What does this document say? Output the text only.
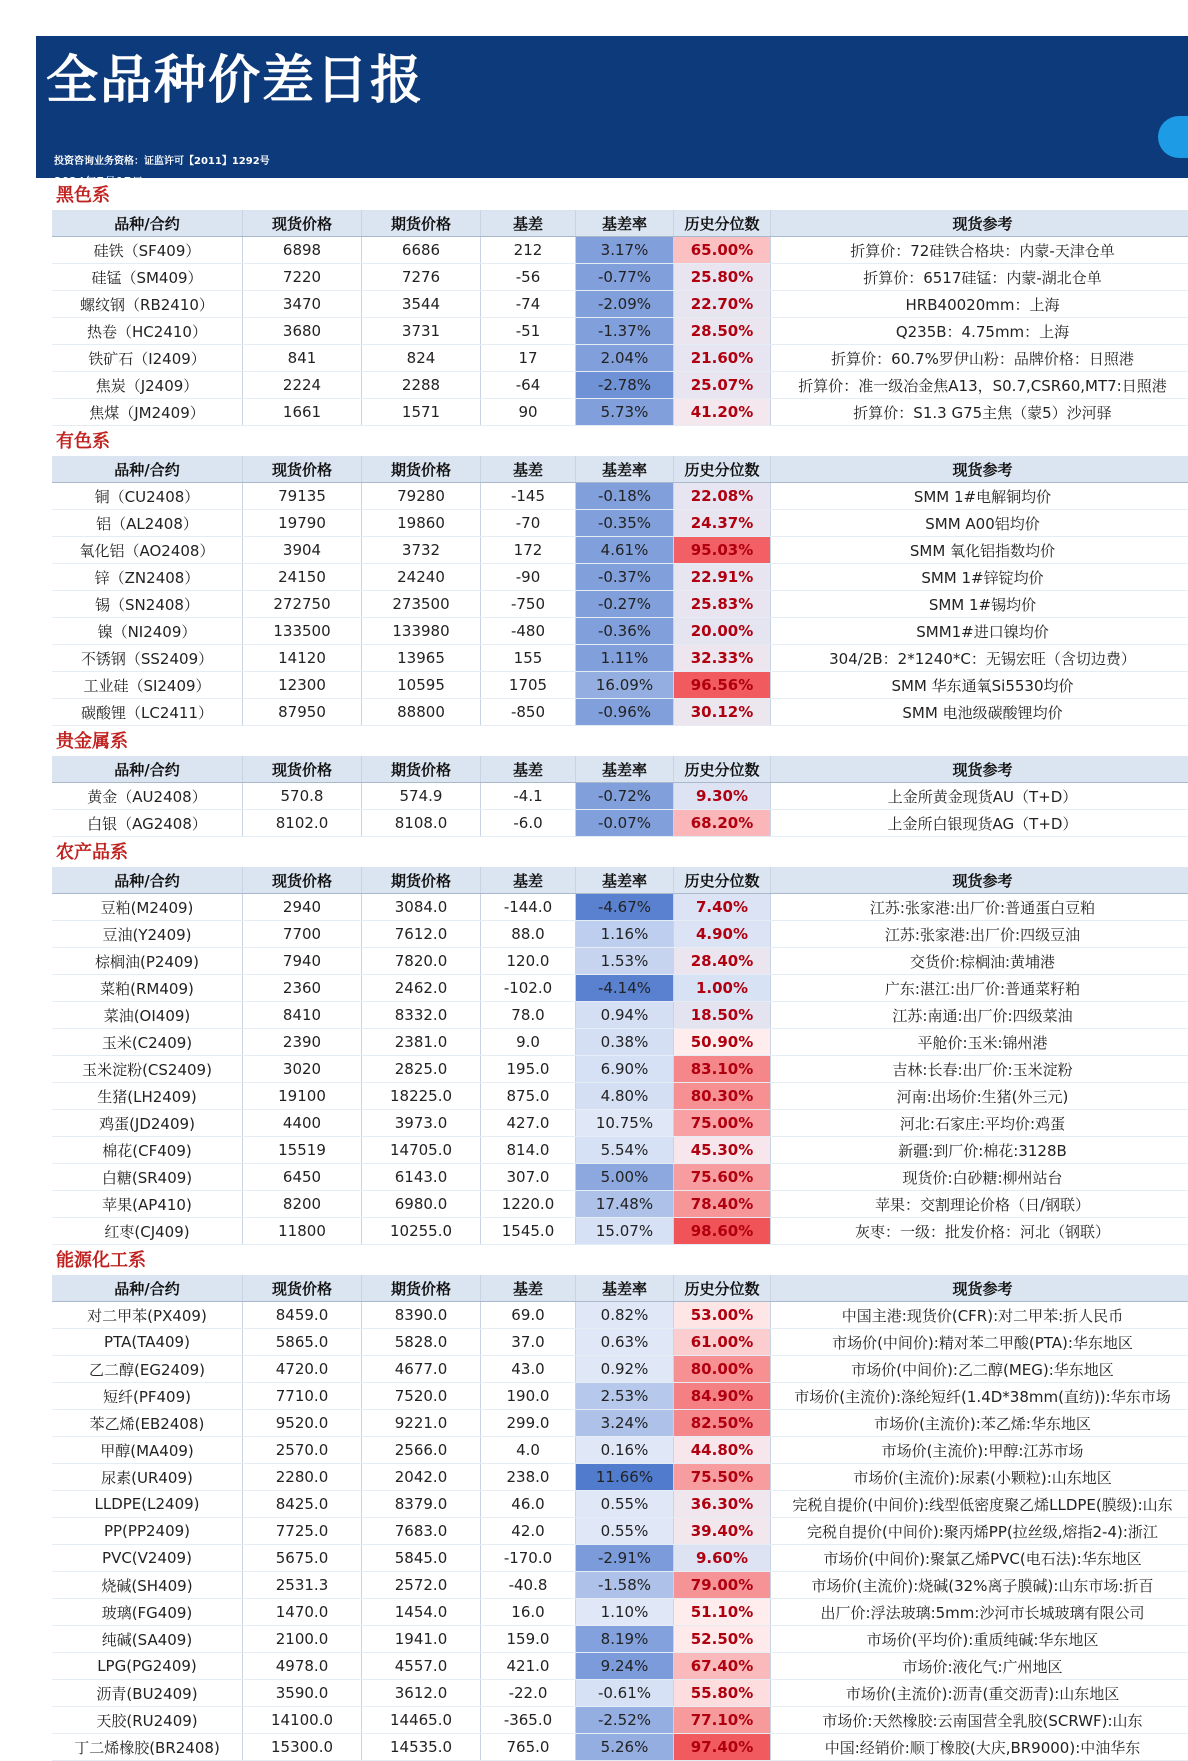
全品种价差日报
投资咨询业务资格：证监许可【2011】1292号
2024年7月17日
黑色系
品种/合约	现货价格	期货价格	基差	基差率	历史分位数	现货参考
硅铁（SF409）	6898	6686	212	3.17%	65.00%	折算价：72硅铁合格块：内蒙-天津仓单
硅锰（SM409）	7220	7276	-56	-0.77%	25.80%	折算价：6517硅锰：内蒙-湖北仓单
螺纹钢（RB2410）	3470	3544	-74	-2.09%	22.70%	HRB40020mm：上海
热卷（HC2410）	3680	3731	-51	-1.37%	28.50%	Q235B：4.75mm：上海
铁矿石（I2409）	841	824	17	2.04%	21.60%	折算价：60.7%罗伊山粉：品牌价格：日照港
焦炭（J2409）	2224	2288	-64	-2.78%	25.07%	折算价：准一级冶金焦A13，S0.7,CSR60,MT7:日照港
焦煤（JM2409）	1661	1571	90	5.73%	41.20%	折算价：S1.3 G75主焦（蒙5）沙河驿
有色系
品种/合约	现货价格	期货价格	基差	基差率	历史分位数	现货参考
铜（CU2408）	79135	79280	-145	-0.18%	22.08%	SMM 1#电解铜均价
铝（AL2408）	19790	19860	-70	-0.35%	24.37%	SMM A00铝均价
氧化铝（AO2408）	3904	3732	172	4.61%	95.03%	SMM 氧化铝指数均价
锌（ZN2408）	24150	24240	-90	-0.37%	22.91%	SMM 1#锌锭均价
锡（SN2408）	272750	273500	-750	-0.27%	25.83%	SMM 1#锡均价
镍（NI2409）	133500	133980	-480	-0.36%	20.00%	SMM1#进口镍均价
不锈钢（SS2409）	14120	13965	155	1.11%	32.33%	304/2B：2*1240*C：无锡宏旺（含切边费）
工业硅（SI2409）	12300	10595	1705	16.09%	96.56%	SMM 华东通氧Si5530均价
碳酸锂（LC2411）	87950	88800	-850	-0.96%	30.12%	SMM 电池级碳酸锂均价
贵金属系
品种/合约	现货价格	期货价格	基差	基差率	历史分位数	现货参考
黄金（AU2408）	570.8	574.9	-4.1	-0.72%	9.30%	上金所黄金现货AU（T+D）
白银（AG2408）	8102.0	8108.0	-6.0	-0.07%	68.20%	上金所白银现货AG（T+D）
农产品系
品种/合约	现货价格	期货价格	基差	基差率	历史分位数	现货参考
豆粕(M2409)	2940	3084.0	-144.0	-4.67%	7.40%	江苏:张家港:出厂价:普通蛋白豆粕
豆油(Y2409)	7700	7612.0	88.0	1.16%	4.90%	江苏:张家港:出厂价:四级豆油
棕榈油(P2409)	7940	7820.0	120.0	1.53%	28.40%	交货价:棕榈油:黄埔港
菜粕(RM409)	2360	2462.0	-102.0	-4.14%	1.00%	广东:湛江:出厂价:普通菜籽粕
菜油(OI409)	8410	8332.0	78.0	0.94%	18.50%	江苏:南通:出厂价:四级菜油
玉米(C2409)	2390	2381.0	9.0	0.38%	50.90%	平舱价:玉米:锦州港
玉米淀粉(CS2409)	3020	2825.0	195.0	6.90%	83.10%	吉林:长春:出厂价:玉米淀粉
生猪(LH2409)	19100	18225.0	875.0	4.80%	80.30%	河南:出场价:生猪(外三元)
鸡蛋(JD2409)	4400	3973.0	427.0	10.75%	75.00%	河北:石家庄:平均价:鸡蛋
棉花(CF409)	15519	14705.0	814.0	5.54%	45.30%	新疆:到厂价:棉花:3128B
白糖(SR409)	6450	6143.0	307.0	5.00%	75.60%	现货价:白砂糖:柳州站台
苹果(AP410)	8200	6980.0	1220.0	17.48%	78.40%	苹果：交割理论价格（日/钢联）
红枣(CJ409)	11800	10255.0	1545.0	15.07%	98.60%	灰枣：一级：批发价格：河北（钢联）
能源化工系
品种/合约	现货价格	期货价格	基差	基差率	历史分位数	现货参考
对二甲苯(PX409)	8459.0	8390.0	69.0	0.82%	53.00%	中国主港:现货价(CFR):对二甲苯:折人民币
PTA(TA409)	5865.0	5828.0	37.0	0.63%	61.00%	市场价(中间价):精对苯二甲酸(PTA):华东地区
乙二醇(EG2409)	4720.0	4677.0	43.0	0.92%	80.00%	市场价(中间价):乙二醇(MEG):华东地区
短纤(PF409)	7710.0	7520.0	190.0	2.53%	84.90%	市场价(主流价):涤纶短纤(1.4D*38mm(直纺)):华东市场
苯乙烯(EB2408)	9520.0	9221.0	299.0	3.24%	82.50%	市场价(主流价):苯乙烯:华东地区
甲醇(MA409)	2570.0	2566.0	4.0	0.16%	44.80%	市场价(主流价):甲醇:江苏市场
尿素(UR409)	2280.0	2042.0	238.0	11.66%	75.50%	市场价(主流价):尿素(小颗粒):山东地区
LLDPE(L2409)	8425.0	8379.0	46.0	0.55%	36.30%	完税自提价(中间价):线型低密度聚乙烯LLDPE(膜级):山东
PP(PP2409)	7725.0	7683.0	42.0	0.55%	39.40%	完税自提价(中间价):聚丙烯PP(拉丝级,熔指2-4):浙江
PVC(V2409)	5675.0	5845.0	-170.0	-2.91%	9.60%	市场价(中间价):聚氯乙烯PVC(电石法):华东地区
烧碱(SH409)	2531.3	2572.0	-40.8	-1.58%	79.00%	市场价(主流价):烧碱(32%离子膜碱):山东市场:折百
玻璃(FG409)	1470.0	1454.0	16.0	1.10%	51.10%	出厂价:浮法玻璃:5mm:沙河市长城玻璃有限公司
纯碱(SA409)	2100.0	1941.0	159.0	8.19%	52.50%	市场价(平均价):重质纯碱:华东地区
LPG(PG2409)	4978.0	4557.0	421.0	9.24%	67.40%	市场价:液化气:广州地区
沥青(BU2409)	3590.0	3612.0	-22.0	-0.61%	55.80%	市场价(主流价):沥青(重交沥青):山东地区
天胶(RU2409)	14100.0	14465.0	-365.0	-2.52%	77.10%	市场价:天然橡胶:云南国营全乳胶(SCRWF):山东
丁二烯橡胶(BR2408)	15300.0	14535.0	765.0	5.26%	97.40%	中国:经销价:顺丁橡胶(大庆,BR9000):中油华东
